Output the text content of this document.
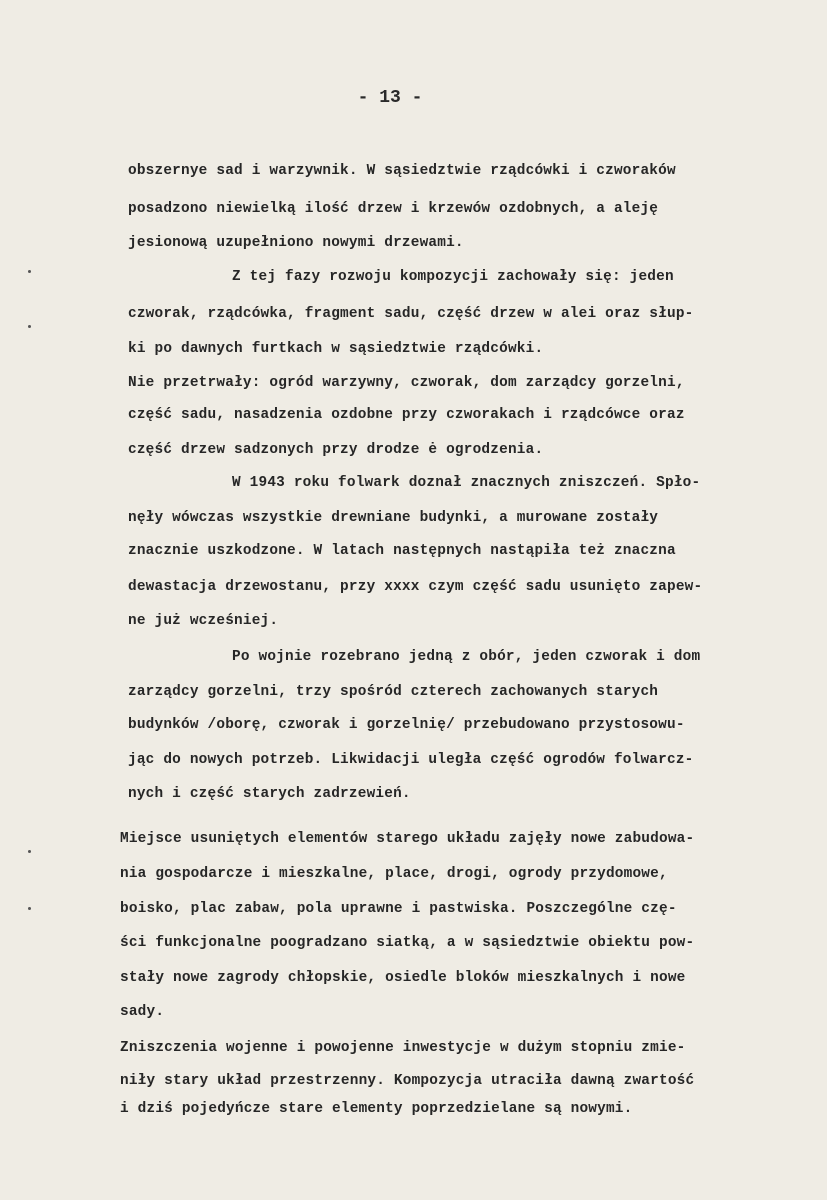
- 13 -
obszernye sad i warzywnik. W sąsiedztwie rządcówki i czworaków
posadzono niewielką ilość drzew i krzewów ozdobnych, a aleję
jesionową uzupełniono nowymi drzewami.
Z tej fazy rozwoju kompozycji zachowały się: jeden
czworak, rządcówka, fragment sadu, część drzew w alei oraz słup-
ki po dawnych furtkach w sąsiedztwie rządcówki.
Nie przetrwały: ogród warzywny, czworak, dom zarządcy gorzelni,
część sadu, nasadzenia ozdobne przy czworakach i rządcówce oraz
część drzew sadzonych przy drodze ė ogrodzenia.
W 1943 roku folwark doznał znacznych zniszczeń. Spło-
nęły wówczas wszystkie drewniane budynki, a murowane zostały
znacznie uszkodzone. W latach następnych nastąpiła też znaczna
dewastacja drzewostanu, przy xxxx czym część sadu usunięto zapew-
ne już wcześniej.
Po wojnie rozebrano jedną z obór, jeden czworak i dom
zarządcy gorzelni, trzy spośród czterech zachowanych starych
budynków /oborę, czworak i gorzelnię/ przebudowano przystosowu-
jąc do nowych potrzeb. Likwidacji uległa część ogrodów folwarcz-
nych i część starych zadrzewień.
Miejsce usuniętych elementów starego układu zajęły nowe zabudowa-
nia gospodarcze i mieszkalne, place, drogi, ogrody przydomowe,
boisko, plac zabaw, pola uprawne i pastwiska. Poszczególne czę-
ści funkcjonalne poogradzano siatką, a w sąsiedztwie obiektu pow-
stały nowe zagrody chłopskie, osiedle bloków mieszkalnych i nowe
sady.
Zniszczenia wojenne i powojenne inwestycje w dużym stopniu zmie-
niły stary układ przestrzenny. Kompozycja utraciła dawną zwartość
i dziś pojedyńcze stare elementy poprzedzielane są nowymi.
